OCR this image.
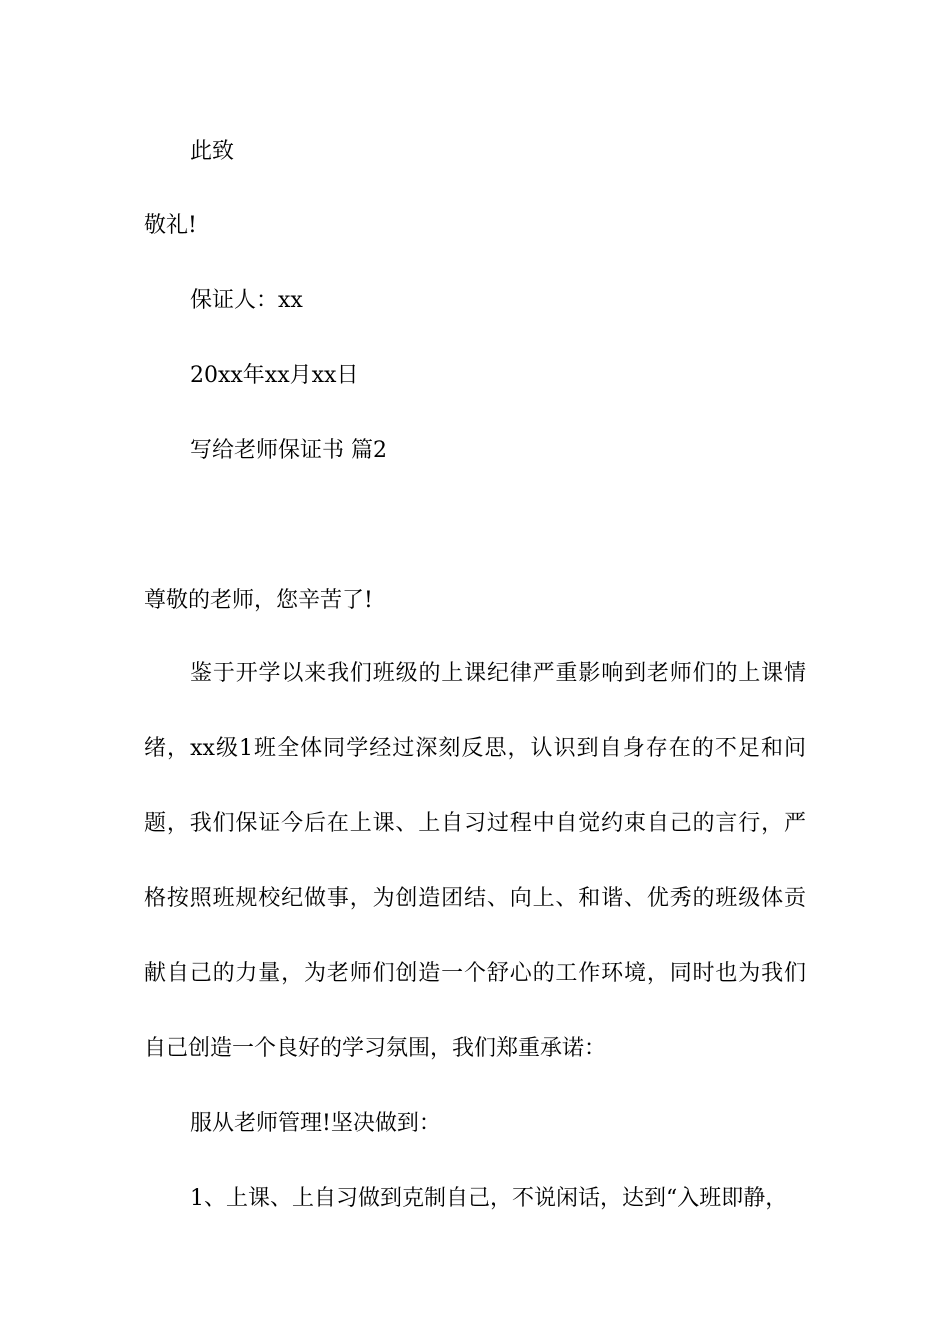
此致
敬礼!
保证人：xx
20xx年xx月xx日
写给老师保证书 篇2
尊敬的老师，您辛苦了!
鉴于开学以来我们班级的上课纪律严重影响到老师们的上课情
绪，xx级1班全体同学经过深刻反思，认识到自身存在的不足和问
题，我们保证今后在上课、上自习过程中自觉约束自己的言行，严
格按照班规校纪做事，为创造团结、向上、和谐、优秀的班级体贡
献自己的力量，为老师们创造一个舒心的工作环境，同时也为我们
自己创造一个良好的学习氛围，我们郑重承诺：
服从老师管理!坚决做到：
1、上课、上自习做到克制自己，不说闲话，达到“入班即静，
